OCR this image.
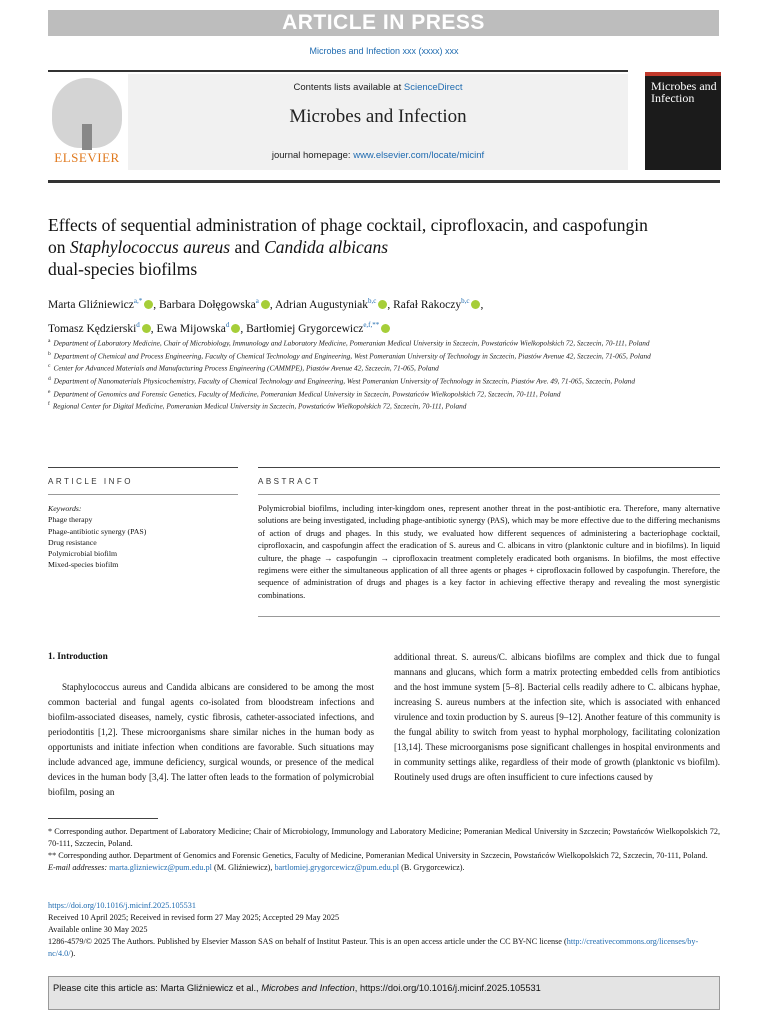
ARTICLE IN PRESS
Microbes and Infection xxx (xxxx) xxx
ELSEVIER
Contents lists available at ScienceDirect
Microbes and Infection
journal homepage: www.elsevier.com/locate/micinf
Microbes and
Infection
Effects of sequential administration of phage cocktail, ciprofloxacin, and caspofungin on Staphylococcus aureus and Candida albicans
dual-species biofilms
Marta Gliźniewicz$^{a,*}$ , Barbara Dołęgowska$^a$ , Adrian Augustyniak$^{b,c}$ , Rafał Rakoczy$^{b,c}$ ,
Tomasz Kędzierski$^d$ , Ewa Mijowska$^d$ , Bartłomiej Grygorcewicz$^{e,f,**}$
$^a$ Department of Laboratory Medicine, Chair of Microbiology, Immunology and Laboratory Medicine, Pomeranian Medical University in Szczecin, Powstańców Wielkopolskich 72, Szczecin, 70-111, Poland
$^b$ Department of Chemical and Process Engineering, Faculty of Chemical Technology and Engineering, West Pomeranian University of Technology in Szczecin, Piastów Avenue 42, Szczecin, 71-065, Poland
$^c$ Center for Advanced Materials and Manufacturing Process Engineering (CAMMPE), Piastów Avenue 42, Szczecin, 71-065, Poland
$^d$ Department of Nanomaterials Physicochemistry, Faculty of Chemical Technology and Engineering, West Pomeranian University of Technology in Szczecin, Piastów Ave. 49, 71-065, Szczecin, Poland
$^e$ Department of Genomics and Forensic Genetics, Faculty of Medicine, Pomeranian Medical University in Szczecin, Powstańców Wielkopolskich 72, Szczecin, 70-111, Poland
$^f$ Regional Center for Digital Medicine, Pomeranian Medical University in Szczecin, Powstańców Wielkopolskich 72, Szczecin, 70-111, Poland
ARTICLE INFO	ABSTRACT
Keywords:
Phage therapy
Phage-antibiotic synergy (PAS)
Drug resistance
Polymicrobial biofilm
Mixed-species biofilm
Polymicrobial biofilms, including inter-kingdom ones, represent another threat in the post-antibiotic era. Therefore, many alternative solutions are being investigated, including phage-antibiotic synergy (PAS), which may be more effective due to the differing mechanisms of action of drugs and phages. In this study, we evaluated how different sequences of administering a bacteriophage cocktail, ciprofloxacin, and caspofungin affect the eradication of S. aureus and C. albicans in vitro (planktonic culture and in biofilms). In liquid culture, the phage → caspofungin → ciprofloxacin treatment completely eradicated both organisms. In biofilms, the most effective regimens were either the simultaneous application of all three agents or phages + ciprofloxacin followed by caspofungin. Therefore, the sequence of administration of drugs and phages is a key factor in achieving effective therapy and revealing the most synergistic combinations.
1. Introduction
Staphylococcus aureus and Candida albicans are considered to be among the most common bacterial and fungal agents co-isolated from bloodstream infections and biofilm-associated diseases, namely, cystic fibrosis, catheter-associated infections, and periodontitis [1,2]. These microorganisms share similar niches in the human body as opportunists and initiate infection when conditions are favorable. Such situations may include advanced age, immune deficiency, surgical wounds, or presence of the medical devices in the human body [3,4]. The latter often leads to the formation of polymicrobial biofilm, posing an
additional threat. S. aureus/C. albicans biofilms are complex and thick due to fungal mannans and glucans, which form a matrix protecting embedded cells from antibiotics and the host immune system [5–8]. Bacterial cells readily adhere to C. albicans hyphae, increasing S. aureus numbers at the infection site, which is associated with enhanced virulence and toxin production by S. aureus [9–12]. Another feature of this community is the fungal ability to switch from yeast to hyphal morphology, facilitating colonization [13,14]. These microorganisms pose significant challenges in hospital environments and in community settings alike, regardless of their mode of growth (planktonic vs biofilm). Routinely used drugs are often insufficient to cure infections caused by
* Corresponding author. Department of Laboratory Medicine; Chair of Microbiology, Immunology and Laboratory Medicine; Pomeranian Medical University in Szczecin; Powstańców Wielkopolskich 72, 70-111, Szczecin, Poland.
** Corresponding author. Department of Genomics and Forensic Genetics, Faculty of Medicine, Pomeranian Medical University in Szczecin, Powstańców Wielkopolskich 72, Szczecin, 70-111, Poland.
E-mail addresses: marta.glizniewicz@pum.edu.pl (M. Gliźniewicz), bartlomiej.grygorcewicz@pum.edu.pl (B. Grygorcewicz).
https://doi.org/10.1016/j.micinf.2025.105531
Received 10 April 2025; Received in revised form 27 May 2025; Accepted 29 May 2025
Available online 30 May 2025
1286-4579/© 2025 The Authors. Published by Elsevier Masson SAS on behalf of Institut Pasteur. This is an open access article under the CC BY-NC license (http://creativecommons.org/licenses/by-nc/4.0/).
Please cite this article as: Marta Gliźniewicz et al., Microbes and Infection, https://doi.org/10.1016/j.micinf.2025.105531
